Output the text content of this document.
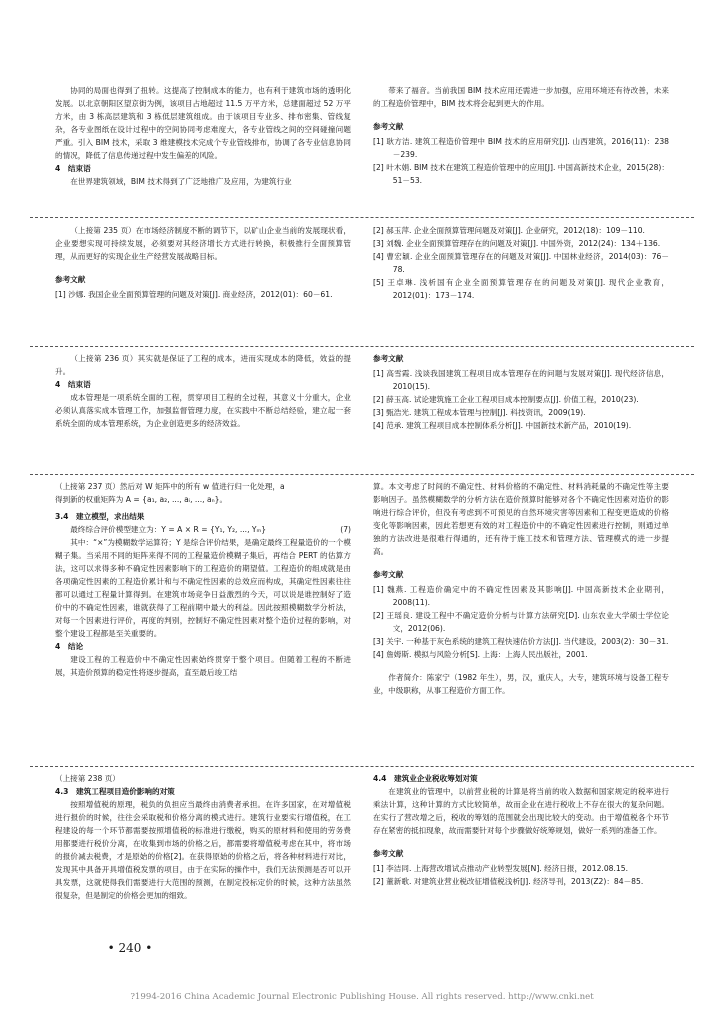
协同的局面也得到了扭转。这提高了控制成本的能力，也有利于建筑市场的透明化发展。以北京朝阳区望京街为例，该项目占地超过 11.5 万平方米，总建面超过 52 万平方米，由 3 栋高层建筑和 3 栋低层建筑组成。由于该项目专业多、排布密集、管线复杂，各专业图纸在设计过程中的空间协同考虑难度大，各专业管线之间的空间碰撞问题严重。引入 BIM 技术，采取 3 维建模技术完成个专业管线排布，协调了各专业信息协同的情况，降低了信息传递过程中发生偏差的风险。

4　结束语

在世界建筑领域，BIM 技术得到了广泛地推广及应用，为建筑行业

带来了福音。当前我国 BIM 技术应用还需进一步加强，应用环境还有待改善，未来的工程造价管理中，BIM 技术将会起到更大的作用。

参考文献

[1] 耿方洁. 建筑工程造价管理中 BIM 技术的应用研究[J]. 山西建筑，2016(11)：238－239.

[2] 叶木娟. BIM 技术在建筑工程造价管理中的应用[J]. 中国高新技术企业，2015(28)：51－53.

（上接第 235 页）在市场经济制度不断的调节下，以矿山企业当前的发展现状看，企业要想实现可持续发展，必须要对其经济增长方式进行转换，积极推行全面预算管理，从而更好的实现企业生产经营发展战略目标。

参考文献

[1] 沙娜. 我国企业全面预算管理的问题及对策[J]. 商业经济，2012(01)：60－61.

[2] 郝玉萍. 企业全面预算管理问题及对策[J]. 企业研究，2012(18)：109－110.

[3] 刘魏. 企业全面预算管理存在的问题及对策[J]. 中国外资，2012(24)：134＋136.

[4] 曹宏颖. 企业全面预算管理存在的问题及对策[J]. 中国林业经济，2014(03)：76－78.

[5] 王卓琳. 浅析国有企业全面预算管理存在的问题及对策[J]. 现代企业教育，2012(01)：173－174.

（上接第 236 页）其实就是保证了工程的成本，进而实现成本的降低，效益的提升。

4　结束语

成本管理是一项系统全面的工程，贯穿项目工程的全过程，其意义十分重大，企业必须认真落实成本管理工作，加强监督管理力度，在实践中不断总结经验，建立起一套系统全面的成本管理系统，为企业创造更多的经济效益。

参考文献

[1] 高雪霞. 浅谈我国建筑工程项目成本管理存在的问题与发展对策[J]. 现代经济信息，2010(15).

[2] 薛玉高. 试论建筑施工企业工程项目成本控制要点[J]. 价值工程，2010(23).

[3] 甄浩光. 建筑工程成本管理与控制[J]. 科技资讯，2009(19).

[4] 范承. 建筑工程项目成本控制体系分析[J]. 中国新技术新产品，2010(19).

（上接第 237 页）然后对 W 矩阵中的所有 w 值进行归一化处理，a

得到新的权重矩阵为 A = {a₁, a₂, ..., aᵢ, ..., aₙ}。

3.4　建立模型，求出结果

最终综合评价模型建立为：Y = A × R = {Y₁, Y₂, ..., Yₘ}	(7)

其中：“×”为模糊数学运算符；Y 是综合评价结果，是确定最终工程量造价的一个模糊子集。当采用不同的矩阵来得不同的工程量造价模糊子集后，再结合 PERT 的估算方法，这可以求得多种不确定性因素影响下的工程造价的期望值。工程造价的组成就是由各项确定性因素的工程造价累计和与不确定性因素的总效应而构成，其确定性因素往往都可以通过工程量计算得到。在建筑市场竞争日益激烈的今天，可以说是谁控制好了造价中的不确定性因素，谁就获得了工程前期中最大的利益。因此按照模糊数学分析法，对每一个因素进行评价，再度的判别，控制好不确定性因素对整个造价过程的影响，对整个建设工程都是至关重要的。

4　结论

建设工程的工程造价中不确定性因素始终贯穿于整个项目。但随着工程的不断进展，其造价预算的稳定性将逐步提高，直至最后竣工结

算。本文考虑了时间的不确定性、材料价格的不确定性、材料消耗量的不确定性等主要影响因子。虽然模糊数学的分析方法在造价预算时能够对各个不确定性因素对造价的影响进行综合评价，但没有考虑到不可预见的自然环境灾害等因素和工程变更造成的价格变化等影响因素，因此若想更有效的对工程造价中的不确定性因素进行控制，则通过单独的方法改进是很难行得通的，还有待于施工技术和管理方法、管理模式的进一步提高。

参考文献

[1] 魏燕. 工程造价确定中的不确定性因素及其影响[J]. 中国高新技术企业期刊，2008(11).

[2] 王瑶良. 建设工程中不确定造价分析与计算方法研究[D]. 山东农业大学硕士学位论文，2012(06).

[3] 关宇. 一种基于灰色系统的建筑工程快速估价方法[J]. 当代建设，2003(2)：30－31.

[4] 詹姆斯. 模拟与风险分析[S]. 上海：上海人民出版社，2001.

作者简介：陈家宁（1982 年生），男，汉，重庆人，大专，建筑环境与设备工程专业，中级职称，从事工程造价方面工作。

（上接第 238 页）

4.3　建筑工程项目造价影响的对策

按照增值税的原理，税负的负担应当最终由消费者承担。在许多国家，在对增值税进行报价的时候，往往会采取税和价格分离的模式进行。建筑行业要实行增值税，在工程建设的每一个环节都需要按照增值税的标准进行缴税，购买的原材料和使用的劳务费用都要进行税价分离，在收集到市场的价格之后，都需要将增值税考虑在其中，将市场的报价减去税费，才是原始的价格[2]。在获得原始的价格之后，将各种材料进行对比，发现其中具备开具增值税发票的项目，由于在实际的操作中，我们无法预测是否可以开具发票，这就使得我们需要进行大范围的预测，在制定投标定价的时候，这种方法虽然很复杂，但是制定的价格会更加的细致。

4.4　建筑业企业税收筹划对策

在建筑业的管理中，以前营业税的计算是将当前的收入数据和国家规定的税率进行乘法计算，这种计算的方式比较简单，故而企业在进行税收上不存在很大的复杂问题。在实行了营改增之后，税收的筹划的范围就会出现比较大的变动。由于增值税各个环节存在紧密的抵扣现象，故而需要针对每个步骤做好统筹规划，做好一系列的准备工作。

参考文献

[1] 李洁同. 上海营改增试点推动产业转型发展[N]. 经济日报，2012.08.15.

[2] 董新歌. 对建筑业营业税改征增值税浅析[J]. 经济导刊，2013(Z2)：84－85.

• 240 •
?1994-2016 China Academic Journal Electronic Publishing House. All rights reserved. http://www.cnki.net
